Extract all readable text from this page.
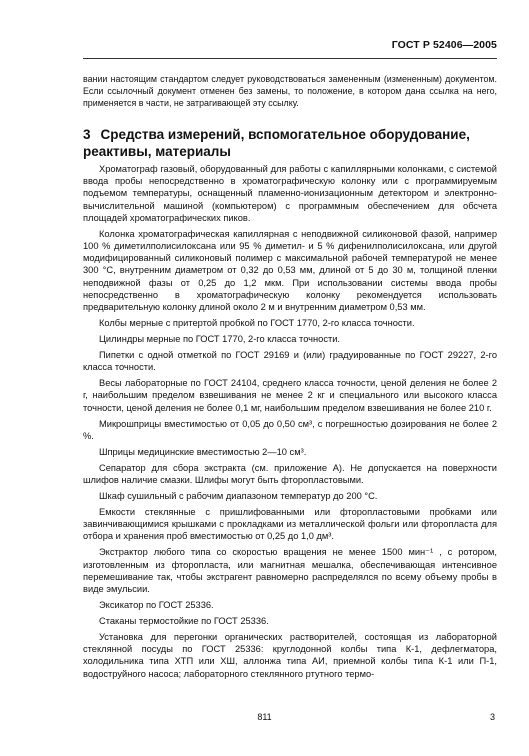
ГОСТ Р 52406—2005

вании настоящим стандартом следует руководствоваться замененным (измененным) документом. Если ссылочный документ отменен без замены, то положение, в котором дана ссылка на него, применяется в части, не затрагивающей эту ссылку.

3 Средства измерений, вспомогательное оборудование, реактивы, материалы

Хроматограф газовый, оборудованный для работы с капиллярными колонками, с системой ввода пробы непосредственно в хроматографическую колонку или с программируемым подъемом температуры, оснащенный пламенно-ионизационным детектором и электронно-вычислительной машиной (компьютером) с программным обеспечением для обсчета площадей хроматографических пиков.

Колонка хроматографическая капиллярная с неподвижной силиконовой фазой, например 100 % диметилполисилоксана или 95 % диметил- и 5 % дифенилполисилоксана, или другой модифицированный силиконовый полимер с максимальной рабочей температурой не менее 300 °С, внутренним диаметром от 0,32 до 0,53 мм, длиной от 5 до 30 м, толщиной пленки неподвижной фазы от 0,25 до 1,2 мкм. При использовании системы ввода пробы непосредственно в хроматографическую колонку рекомендуется использовать предварительную колонку длиной около 2 м и внутренним диаметром 0,53 мм.

Колбы мерные с притертой пробкой по ГОСТ 1770, 2-го класса точности.

Цилиндры мерные по ГОСТ 1770, 2-го класса точности.

Пипетки с одной отметкой по ГОСТ 29169 и (или) градуированные по ГОСТ 29227, 2-го класса точности.

Весы лабораторные по ГОСТ 24104, среднего класса точности, ценой деления не более 2 г, наибольшим пределом взвешивания не менее 2 кг и специального или высокого класса точности, ценой деления не более 0,1 мг, наибольшим пределом взвешивания не более 210 г.

Микрошприцы вместимостью от 0,05 до 0,50 см³, с погрешностью дозирования не более 2 %.

Шприцы медицинские вместимостью 2—10 см³.

Сепаратор для сбора экстракта (см. приложение А). Не допускается на поверхности шлифов наличие смазки. Шлифы могут быть фторопластовыми.

Шкаф сушильный с рабочим диапазоном температур до 200 °С.

Емкости стеклянные с пришлифованными или фторопластовыми пробками или завинчивающимися крышками с прокладками из металлической фольги или фторопласта для отбора и хранения проб вместимостью от 0,25 до 1,0 дм³.

Экстрактор любого типа со скоростью вращения не менее 1500 мин⁻¹ , с ротором, изготовленным из фторопласта, или магнитная мешалка, обеспечивающая интенсивное перемешивание так, чтобы экстрагент равномерно распределялся по всему объему пробы в виде эмульсии.

Эксикатор по ГОСТ 25336.

Стаканы термостойкие по ГОСТ 25336.

Установка для перегонки органических растворителей, состоящая из лабораторной стеклянной посуды по ГОСТ 25336: круглодонной колбы типа К-1, дефлегматора, холодильника типа ХТП или ХШ, аллонжа типа АИ, приемной колбы типа К-1 или П-1, водоструйного насоса; лабораторного стеклянного ртутного термо-

811	3
